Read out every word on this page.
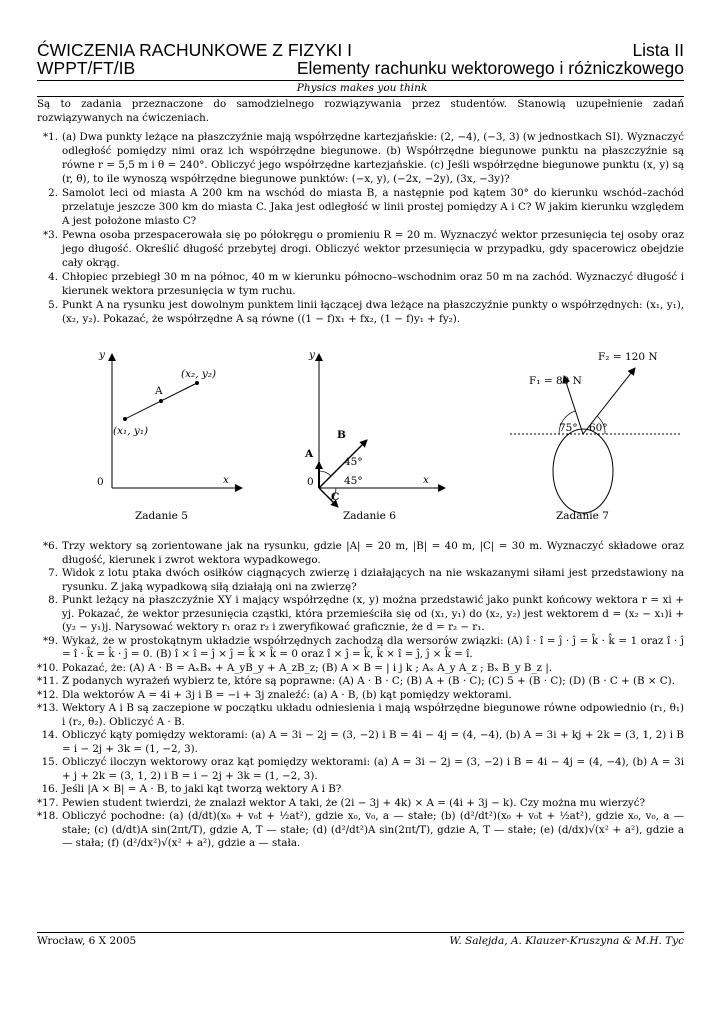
ĆWICZENIA RACHUNKOWE Z FIZYKI I	Lista II
WPPT/FT/IB	Elementy rachunku wektorowego i różniczkowego
Physics makes you think
Są to zadania przeznaczone do samodzielnego rozwiązywania przez studentów. Stanowią uzupełnienie zadań rozwiązywanych na ćwiczeniach.

*1. (a) Dwa punkty leżące na płaszczyźnie mają współrzędne kartezjańskie: (2, −4), (−3, 3) (w jednostkach SI). Wyznaczyć odległość pomiędzy nimi oraz ich współrzędne biegunowe. (b) Współrzędne biegunowe punktu na płaszczyźnie są równe r = 5,5 m i θ = 240°. Obliczyć jego współrzędne kartezjańskie. (c) Jeśli współrzędne biegunowe punktu (x, y) są (r, θ), to ile wynoszą współrzędne biegunowe punktów: (−x, y), (−2x, −2y), (3x, −3y)?

2. Samolot leci od miasta A 200 km na wschód do miasta B, a następnie pod kątem 30° do kierunku wschód–zachód przelatuje jeszcze 300 km do miasta C. Jaka jest odległość w linii prostej pomiędzy A i C? W jakim kierunku względem A jest położone miasto C?

*3. Pewna osoba przespacerowała się po półokręgu o promieniu R = 20 m. Wyznaczyć wektor przesunięcia tej osoby oraz jego długość. Określić długość przebytej drogi. Obliczyć wektor przesunięcia w przypadku, gdy spacerowicz obejdzie cały okrąg.

4. Chłopiec przebiegł 30 m na północ, 40 m w kierunku północno–wschodnim oraz 50 m na zachód. Wyznaczyć długość i kierunek wektora przesunięcia w tym ruchu.

5. Punkt A na rysunku jest dowolnym punktem linii łączącej dwa leżące na płaszczyźnie punkty o współrzędnych: (x₁, y₁), (x₂, y₂). Pokazać, że współrzędne A są równe ((1 − f)x₁ + fx₂, (1 − f)y₁ + fy₂).

y
x
0
(x₁, y₁)
A
(x₂, y₂)
y
x
0
A
B
C
45°
45°
F₁ = 80 N
F₂ = 120 N
75° 60°
Zadanie 5	Zadanie 6	Zadanie 7

*6. Trzy wektory są zorientowane jak na rysunku, gdzie |A| = 20 m, |B| = 40 m, |C| = 30 m. Wyznaczyć składowe oraz długość, kierunek i zwrot wektora wypadkowego.

7. Widok z lotu ptaka dwóch osiłków ciągnących zwierzę i działających na nie wskazanymi siłami jest przedstawiony na rysunku. Z jaką wypadkową siłą działają oni na zwierzę?

8. Punkt leżący na płaszczyźnie XY i mający współrzędne (x, y) można przedstawić jako punkt końcowy wektora r = xi + yj. Pokazać, że wektor przesunięcia cząstki, która przemieściła się od (x₁, y₁) do (x₂, y₂) jest wektorem d = (x₂ − x₁)i + (y₂ − y₁)j. Narysować wektory r₁ oraz r₂ i zweryfikować graficznie, że d = r₂ − r₁.

*9. Wykaż, że w prostokątnym układzie współrzędnych zachodzą dla wersorów związki: (A) î · î = ĵ · ĵ = k̂ · k̂ = 1 oraz î · ĵ = î · k̂ = k̂ · ĵ = 0. (B) î × î = ĵ × ĵ = k̂ × k̂ = 0 oraz î × ĵ = k̂, k̂ × î = ĵ, ĵ × k̂ = î.

*10. Pokazać, że: (A) A · B = AₓBₓ + A_yB_y + A_zB_z; (B) A × B = | i j k ; Aₓ A_y A_z ; Bₓ B_y B_z |.

*11. Z podanych wyrażeń wybierz te, które są poprawne: (A) A · B · C; (B) A + (B · C); (C) 5 + (B · C); (D) (B · C + (B × C).

*12. Dla wektorów A = 4i + 3j i B = −i + 3j znaleźć: (a) A · B, (b) kąt pomiędzy wektorami.

*13. Wektory A i B są zaczepione w początku układu odniesienia i mają współrzędne biegunowe równe odpowiednio (r₁, θ₁) i (r₂, θ₂). Obliczyć A · B.

14. Obliczyć kąty pomiędzy wektorami: (a) A = 3i − 2j = (3, −2) i B = 4i − 4j = (4, −4), (b) A = 3i + kj + 2k = (3, 1, 2) i B = i − 2j + 3k = (1, −2, 3).

15. Obliczyć iloczyn wektorowy oraz kąt pomiędzy wektorami: (a) A = 3i − 2j = (3, −2) i B = 4i − 4j = (4, −4), (b) A = 3i + j + 2k = (3, 1, 2) i B = i − 2j + 3k = (1, −2, 3).

16. Jeśli |A × B| = A · B, to jaki kąt tworzą wektory A i B?

*17. Pewien student twierdzi, że znalazł wektor A taki, że (2i − 3j + 4k) × A = (4i + 3j − k). Czy można mu wierzyć?

*18. Obliczyć pochodne: (a) (d/dt)(x₀ + v₀t + ½at²), gdzie x₀, v₀, a — stałe; (b) (d²/dt²)(x₀ + v₀t + ½at²), gdzie x₀, v₀, a — stałe; (c) (d/dt)A sin(2πt/T), gdzie A, T — stałe; (d) (d²/dt²)A sin(2πt/T), gdzie A, T — stałe; (e) (d/dx)√(x² + a²), gdzie a — stała; (f) (d²/dx²)√(x² + a²), gdzie a — stała.

Wrocław, 6 X 2005	W. Salejda, A. Klauzer-Kruszyna & M.H. Tyc
